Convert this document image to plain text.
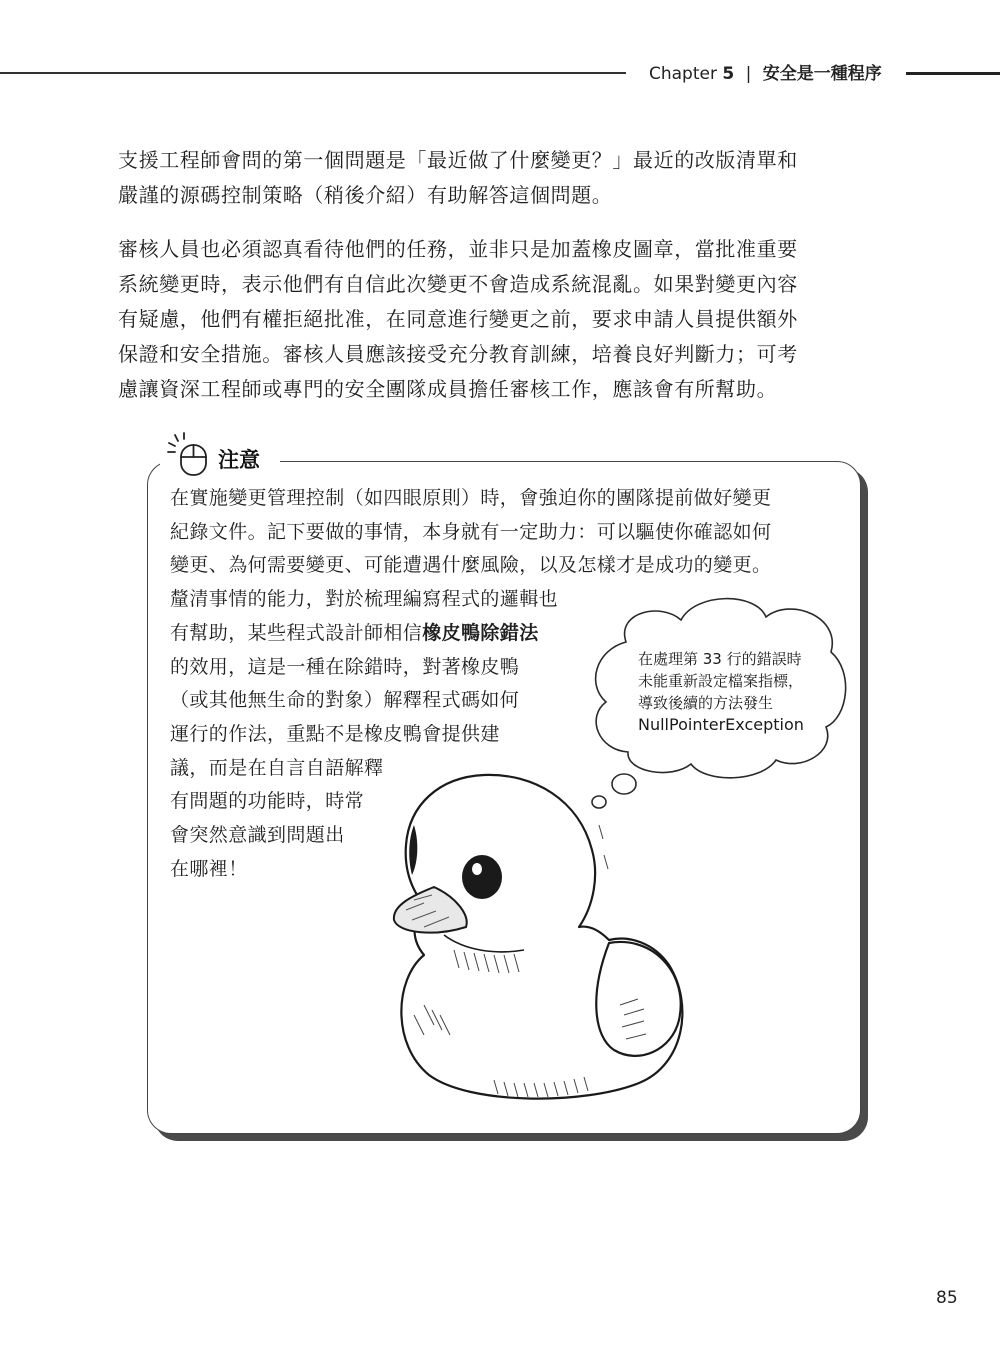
Chapter 5 | 安全是一種程序
支援工程師會問的第一個問題是「最近做了什麼變更？」最近的改版清單和
嚴謹的源碼控制策略（稍後介紹）有助解答這個問題。
審核人員也必須認真看待他們的任務，並非只是加蓋橡皮圖章，當批准重要
系統變更時，表示他們有自信此次變更不會造成系統混亂。如果對變更內容
有疑慮，他們有權拒絕批准，在同意進行變更之前，要求申請人員提供額外
保證和安全措施。審核人員應該接受充分教育訓練，培養良好判斷力；可考
慮讓資深工程師或專門的安全團隊成員擔任審核工作，應該會有所幫助。
注意
在實施變更管理控制（如四眼原則）時，會強迫你的團隊提前做好變更
紀錄文件。記下要做的事情，本身就有一定助力：可以驅使你確認如何
變更、為何需要變更、可能遭遇什麼風險，以及怎樣才是成功的變更。
釐清事情的能力，對於梳理編寫程式的邏輯也
有幫助，某些程式設計師相信橡皮鴨除錯法
的效用，這是一種在除錯時，對著橡皮鴨
（或其他無生命的對象）解釋程式碼如何
運行的作法，重點不是橡皮鴨會提供建
議，而是在自言自語解釋
有問題的功能時，時常
會突然意識到問題出
在哪裡！
在處理第 33 行的錯誤時
未能重新設定檔案指標，
導致後續的方法發生
NullPointerException
85
